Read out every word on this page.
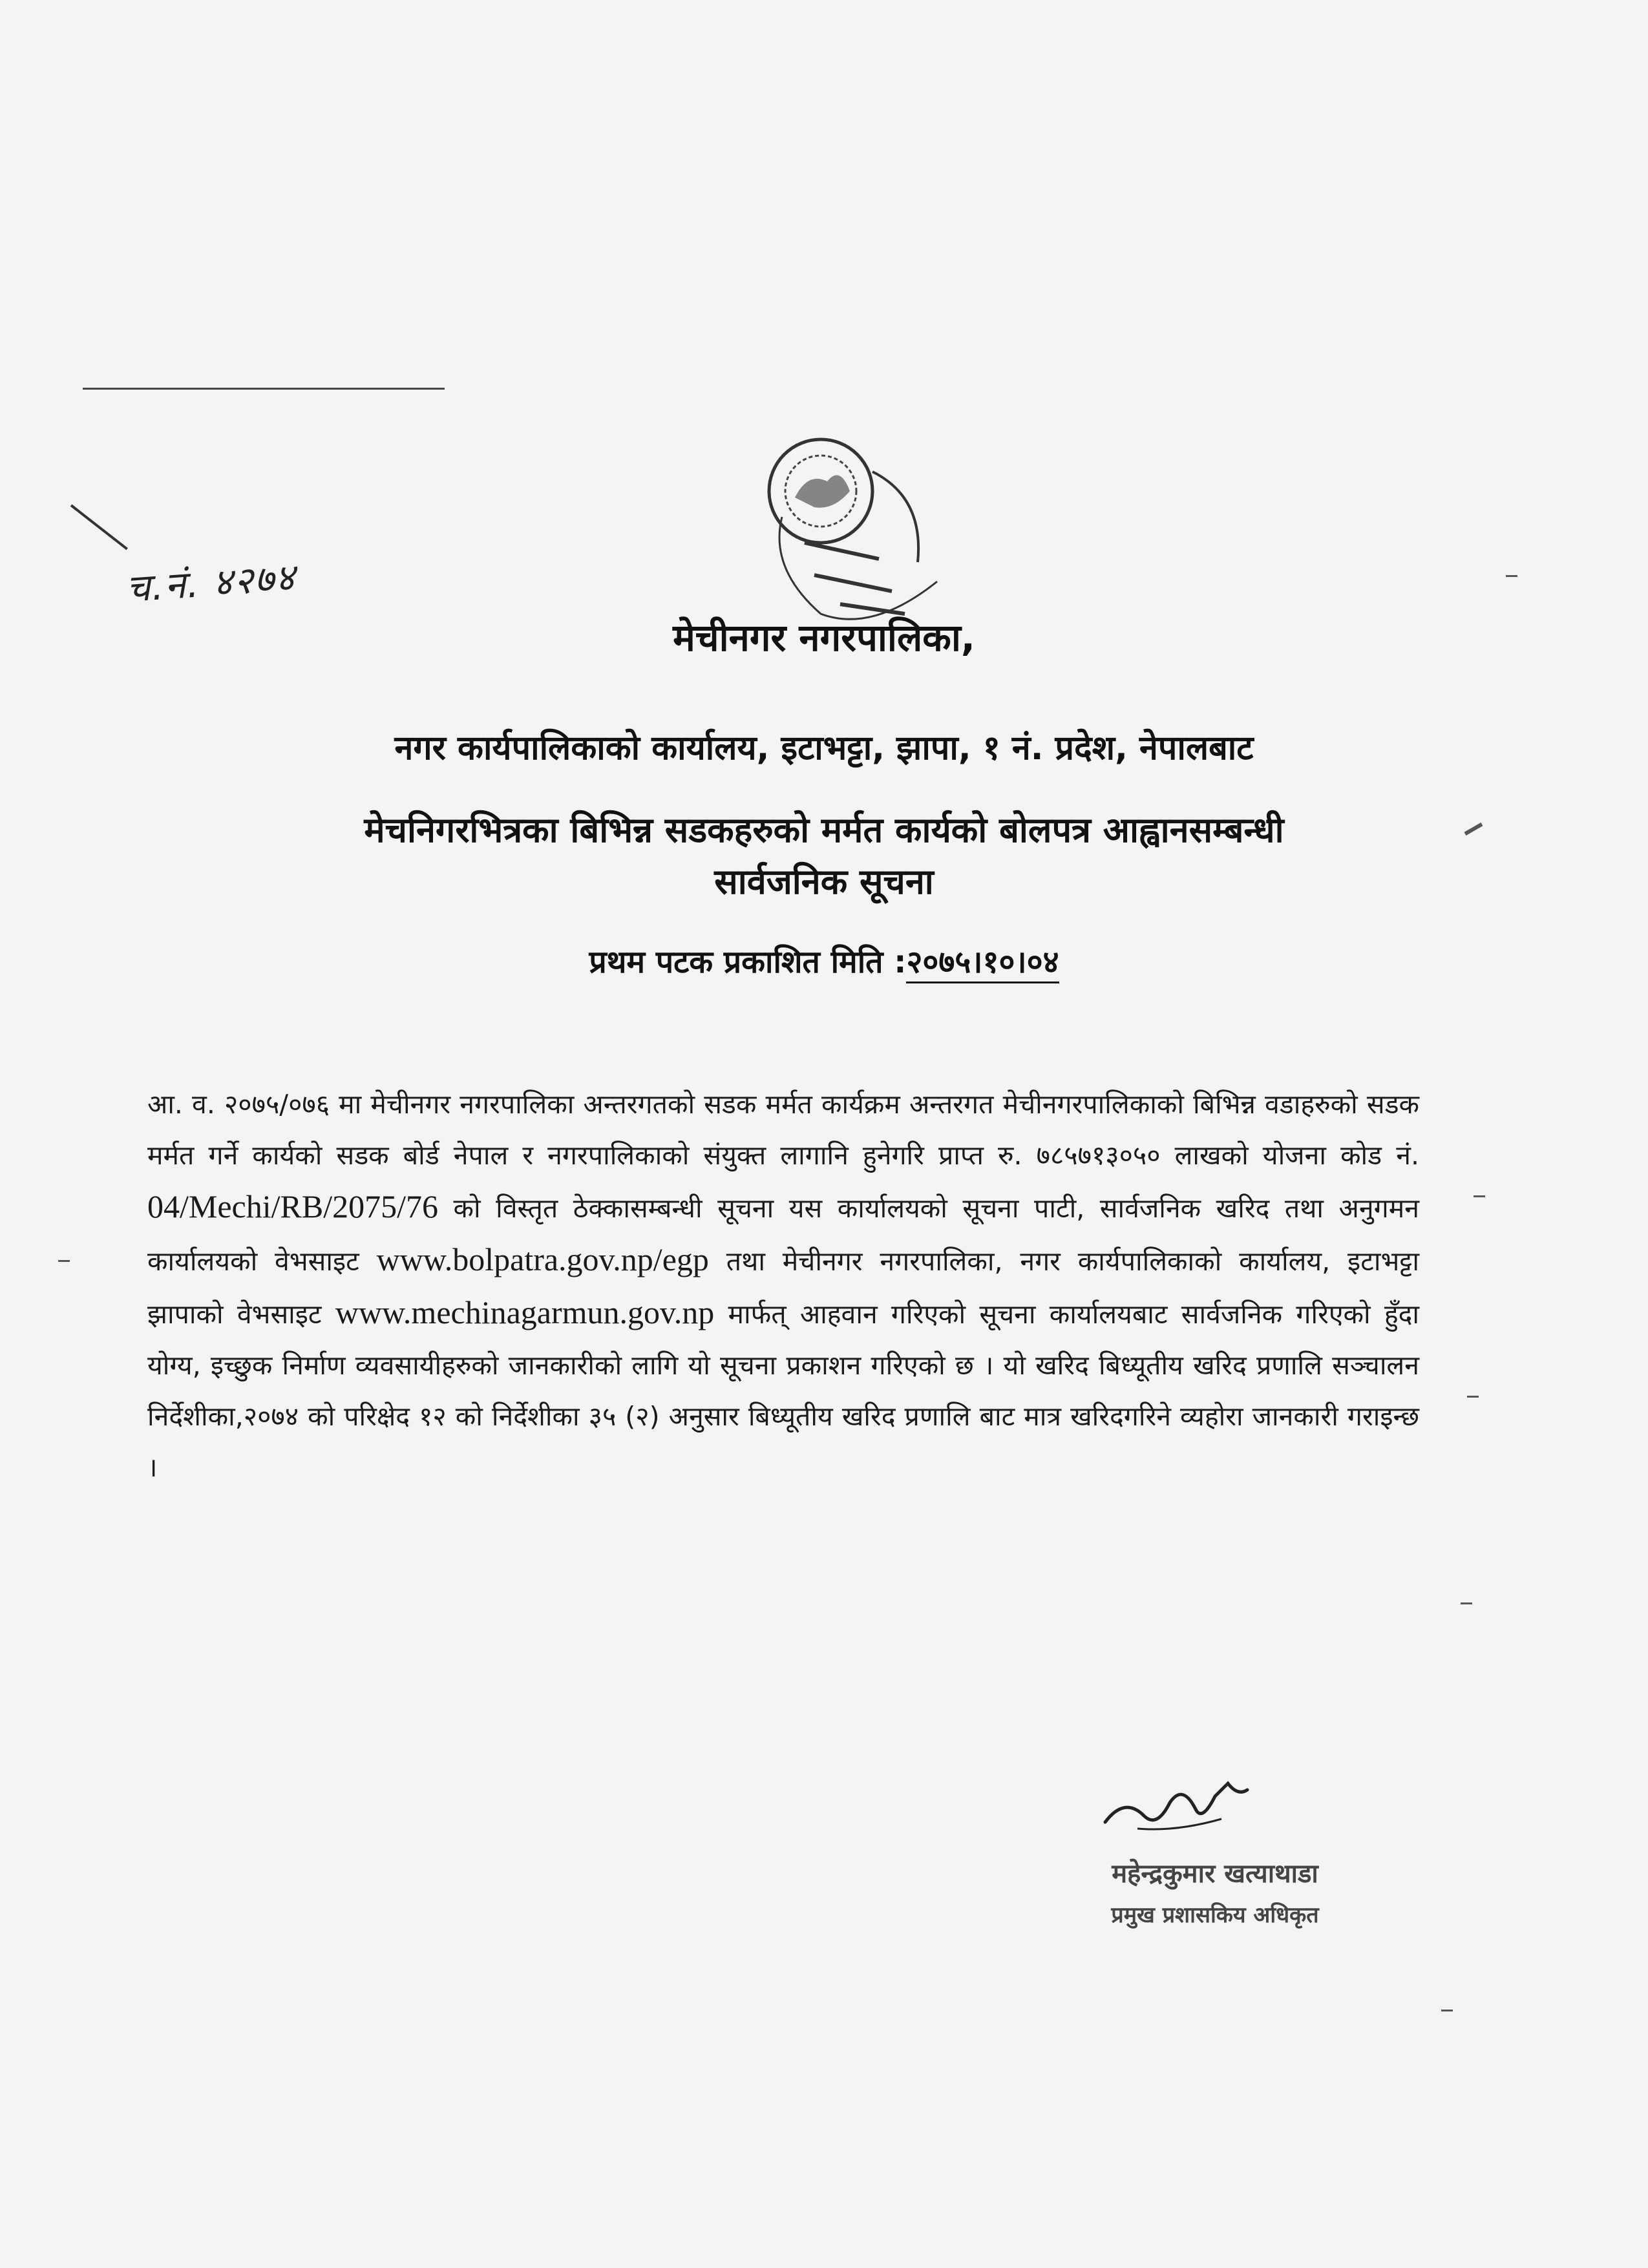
च.नं. ४२७४
मेचीनगर नगरपालिका,
नगर कार्यपालिकाको कार्यालय, इटाभट्टा, झापा, १ नं. प्रदेश, नेपालबाट
मेचनिगरभित्रका बिभिन्न सडकहरुको मर्मत कार्यको बोलपत्र आह्वानसम्बन्धी
सार्वजनिक सूचना
प्रथम पटक प्रकाशित मिति :२०७५।१०।०४
आ. व. २०७५/०७६ मा मेचीनगर नगरपालिका अन्तरगतको सडक मर्मत कार्यक्रम अन्तरगत मेचीनगरपालिकाको बिभिन्न वडाहरुको सडक मर्मत गर्ने कार्यको सडक बोर्ड नेपाल र नगरपालिकाको संयुक्त लागानि हुनेगरि प्राप्त रु. ७८५७१३०५० लाखको योजना कोड नं. 04/Mechi/RB/2075/76 को विस्तृत ठेक्कासम्बन्धी सूचना यस कार्यालयको सूचना पाटी, सार्वजनिक खरिद तथा अनुगमन कार्यालयको वेभसाइट www.bolpatra.gov.np/egp तथा मेचीनगर नगरपालिका, नगर कार्यपालिकाको कार्यालय, इटाभट्टा झापाको वेभसाइट www.mechinagarmun.gov.np मार्फत् आहवान गरिएको सूचना कार्यालयबाट सार्वजनिक गरिएको हुँदा योग्य, इच्छुक निर्माण व्यवसायीहरुको जानकारीको लागि यो सूचना प्रकाशन गरिएको छ । यो खरिद बिध्यूतीय खरिद प्रणालि सञ्चालन निर्देशीका,२०७४ को परिक्षेद १२ को निर्देशीका ३५ (२) अनुसार बिध्यूतीय खरिद प्रणालि बाट मात्र खरिदगरिने व्यहोरा जानकारी गराइन्छ ।
महेन्द्रकुमार खत्याथाडा
प्रमुख प्रशासकिय अधिकृत
